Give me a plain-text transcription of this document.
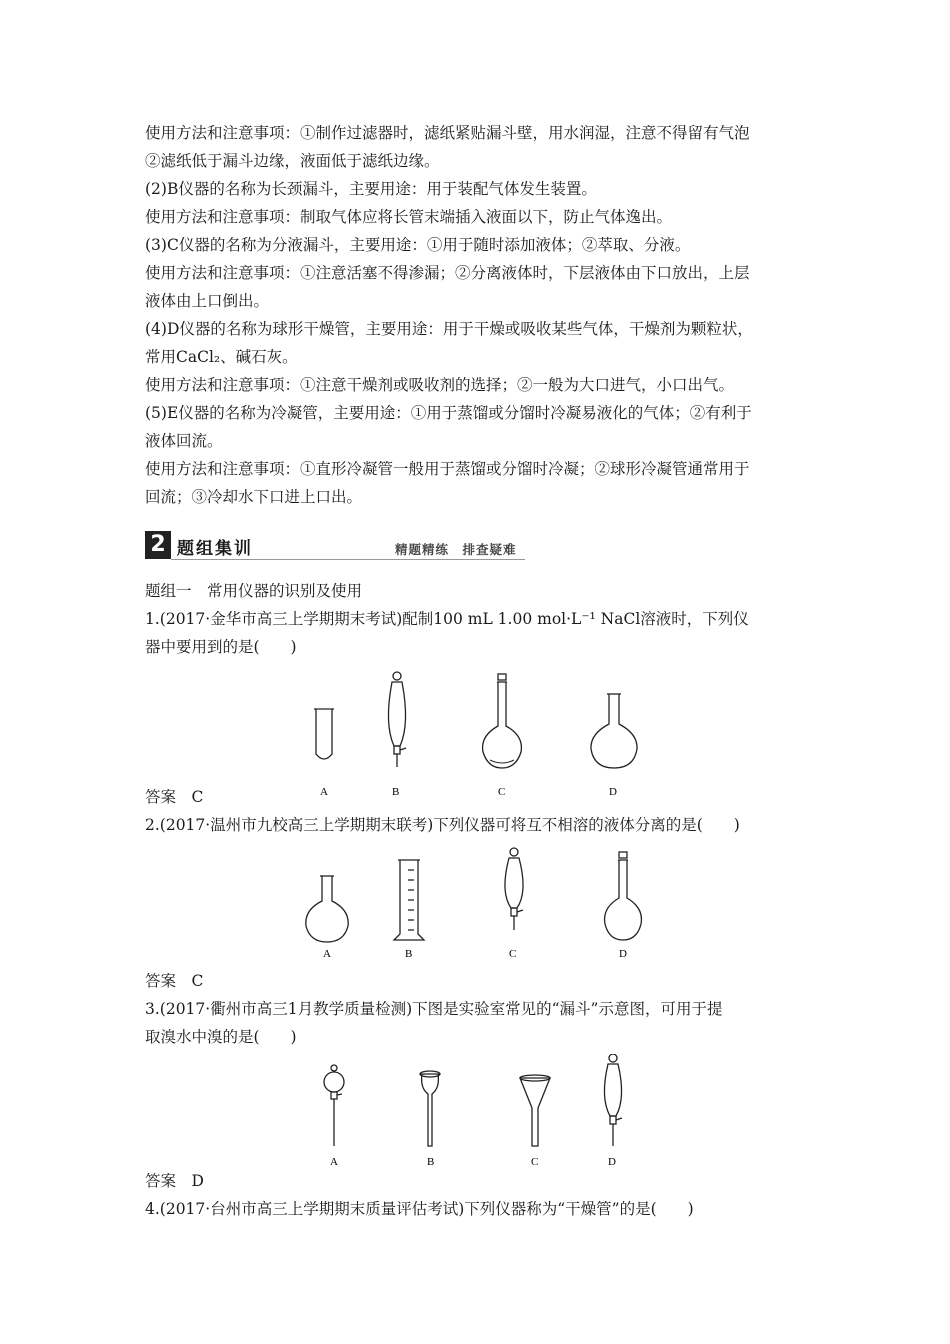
使用方法和注意事项：①制作过滤器时，滤纸紧贴漏斗壁，用水润湿，注意不得留有气泡
②滤纸低于漏斗边缘，液面低于滤纸边缘。
(2)B仪器的名称为长颈漏斗，主要用途：用于装配气体发生装置。
使用方法和注意事项：制取气体应将长管末端插入液面以下，防止气体逸出。
(3)C仪器的名称为分液漏斗，主要用途：①用于随时添加液体；②萃取、分液。
使用方法和注意事项：①注意活塞不得渗漏；②分离液体时，下层液体由下口放出，上层
液体由上口倒出。
(4)D仪器的名称为球形干燥管，主要用途：用于干燥或吸收某些气体，干燥剂为颗粒状，
常用CaCl₂、碱石灰。
使用方法和注意事项：①注意干燥剂或吸收剂的选择；②一般为大口进气，小口出气。
(5)E仪器的名称为冷凝管，主要用途：①用于蒸馏或分馏时冷凝易液化的气体；②有利于
液体回流。
使用方法和注意事项：①直形冷凝管一般用于蒸馏或分馏时冷凝；②球形冷凝管通常用于
回流；③冷却水下口进上口出。
2 题组集训	精题精练　排查疑难
题组一　常用仪器的识别及使用
1.(2017·金华市高三上学期期末考试)配制100 mL 1.00 mol·L⁻¹ NaCl溶液时，下列仪
器中要用到的是(　　)
A	B	C	D
答案　C
2.(2017·温州市九校高三上学期期末联考)下列仪器可将互不相溶的液体分离的是(　　)
A	B	C	D
答案　C
3.(2017·衢州市高三1月教学质量检测)下图是实验室常见的“漏斗”示意图，可用于提
取溴水中溴的是(　　)
A	B	C	D
答案　D
4.(2017·台州市高三上学期期末质量评估考试)下列仪器称为“干燥管”的是(　　)
